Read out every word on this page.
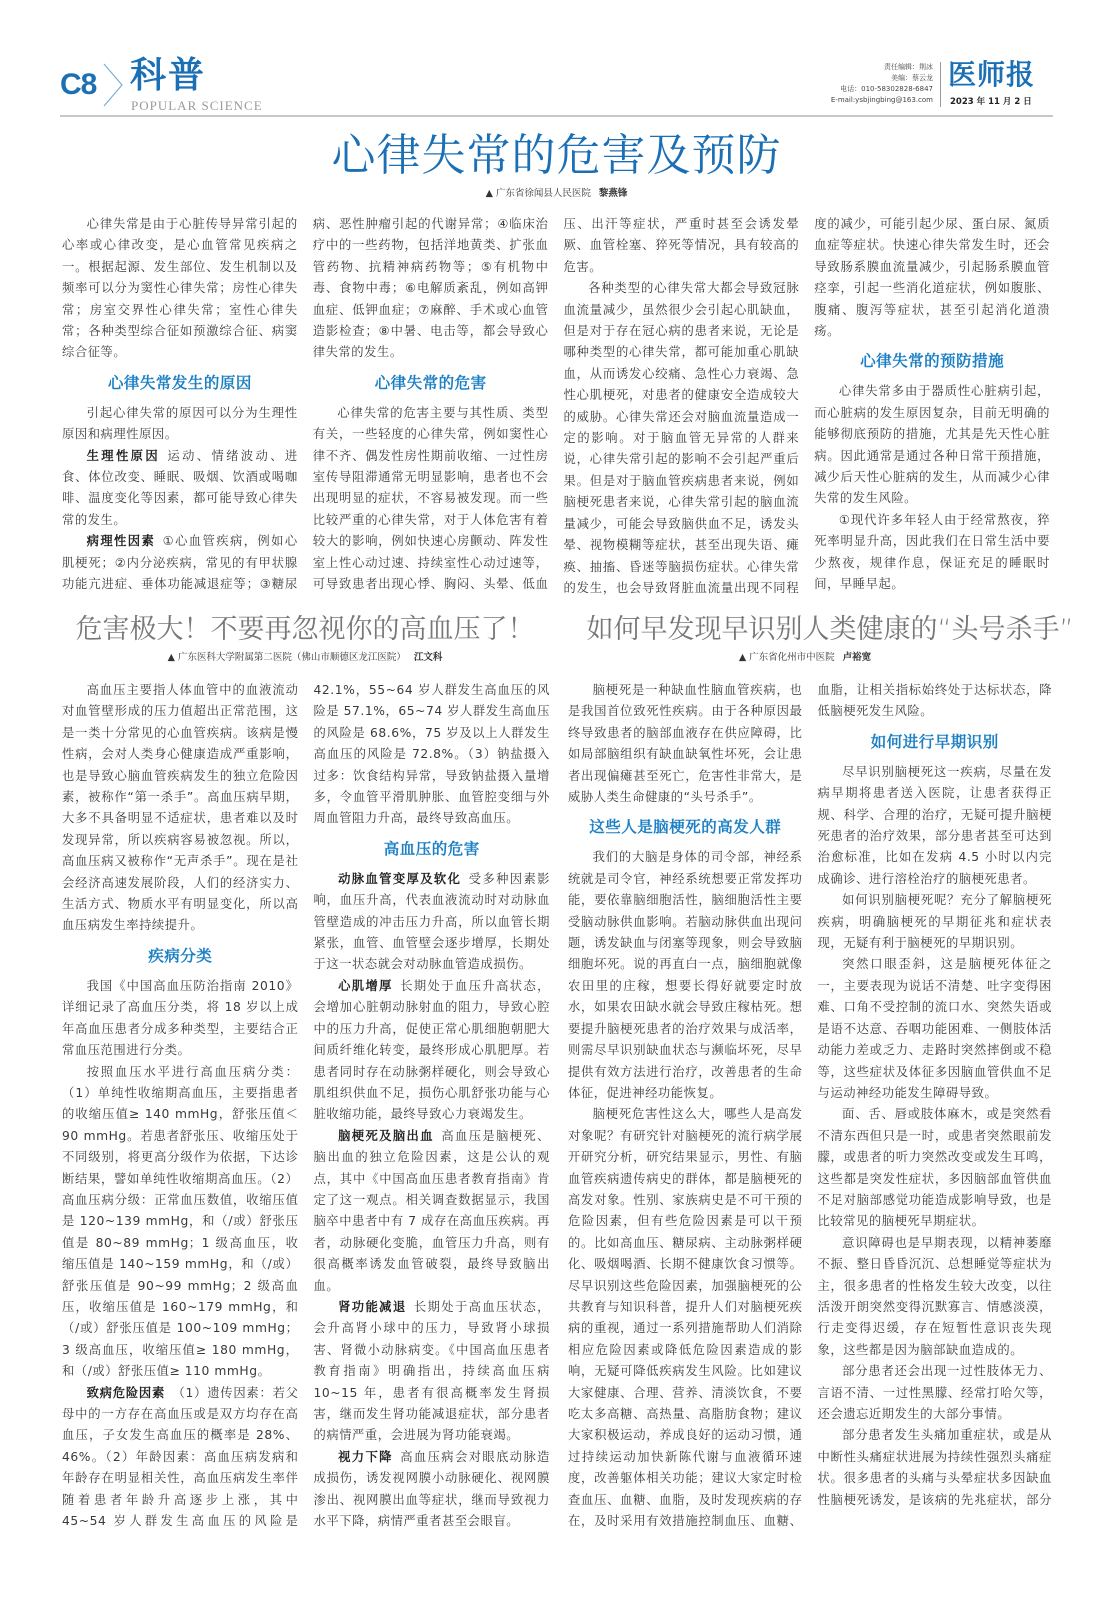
C8 科普
POPULAR SCIENCE
责任编辑：荆冰
美编：蔡云龙
电话：010-58302828-6847
E-mail:ysbjingbing@163.com
医师报
2023 年 11 月 2 日
心律失常的危害及预防
▲ 广东省徐闻县人民医院 黎燕锋

心律失常是由于心脏传导异常引起的心率或心律改变，是心血管常见疾病之一。根据起源、发生部位、发生机制以及频率可以分为窦性心律失常；房性心律失常；房室交界性心律失常；室性心律失常；各种类型综合征如预激综合征、病窦综合征等。

心律失常发生的原因

引起心律失常的原因可以分为生理性原因和病理性原因。

生理性原因 运动、情绪波动、进食、体位改变、睡眠、吸烟、饮酒或喝咖啡、温度变化等因素，都可能导致心律失常的发生。

病理性因素 ①心血管疾病，例如心肌梗死；②内分泌疾病，常见的有甲状腺功能亢进症、垂体功能减退症等；③糖尿病、恶性肿瘤引起的代谢异常；④临床治疗中的一些药物，包括洋地黄类、扩张血管药物、抗精神病药物等；⑤有机物中毒、食物中毒；⑥电解质紊乱，例如高钾血症、低钾血症；⑦麻醉、手术或心血管造影检查；⑧中暑、电击等，都会导致心律失常的发生。

心律失常的危害

心律失常的危害主要与其性质、类型有关，一些轻度的心律失常，例如窦性心律不齐、偶发性房性期前收缩、一过性房室传导阻滞通常无明显影响，患者也不会出现明显的症状，不容易被发现。而一些比较严重的心律失常，对于人体危害有着较大的影响，例如快速心房颤动、阵发性室上性心动过速、持续室性心动过速等，可导致患者出现心悸、胸闷、头晕、低血压、出汗等症状，严重时甚至会诱发晕厥、血管栓塞、猝死等情况，具有较高的危害。

各种类型的心律失常大都会导致冠脉血流量减少，虽然很少会引起心肌缺血，但是对于存在冠心病的患者来说，无论是哪种类型的心律失常，都可能加重心肌缺血，从而诱发心绞痛、急性心力衰竭、急性心肌梗死，对患者的健康安全造成较大的威胁。心律失常还会对脑血流量造成一定的影响。对于脑血管无异常的人群来说，心律失常引起的影响不会引起严重后果。但是对于脑血管疾病患者来说，例如脑梗死患者来说，心律失常引起的脑血流量减少，可能会导致脑供血不足，诱发头晕、视物模糊等症状，甚至出现失语、瘫痪、抽搐、昏迷等脑损伤症状。心律失常的发生，也会导致肾脏血流量出现不同程度的减少，可能引起少尿、蛋白尿、氮质血症等症状。快速心律失常发生时，还会导致肠系膜血流量减少，引起肠系膜血管痉挛，引起一些消化道症状，例如腹胀、腹痛、腹泻等症状，甚至引起消化道溃疡。

心律失常的预防措施

心律失常多由于器质性心脏病引起，而心脏病的发生原因复杂，目前无明确的能够彻底预防的措施，尤其是先天性心脏病。因此通常是通过各种日常干预措施，减少后天性心脏病的发生，从而减少心律失常的发生风险。

①现代许多年轻人由于经常熬夜，猝死率明显升高，因此我们在日常生活中要少熬夜，规律作息，保证充足的睡眠时间，早睡早起。

危害极大！不要再忽视你的高血压了！
▲ 广东医科大学附属第二医院（佛山市顺德区龙江医院） 江文科

高血压主要指人体血管中的血液流动对血管壁形成的压力值超出正常范围，这是一类十分常见的心血管疾病。该病是慢性病，会对人类身心健康造成严重影响，也是导致心脑血管疾病发生的独立危险因素，被称作“第一杀手”。高血压病早期，大多不具备明显不适症状，患者难以及时发现异常，所以疾病容易被忽视。所以，高血压病又被称作“无声杀手”。现在是社会经济高速发展阶段，人们的经济实力、生活方式、物质水平有明显变化，所以高血压病发生率持续提升。

疾病分类

我国《中国高血压防治指南 2010》详细记录了高血压分类，将 18 岁以上成年高血压患者分成多种类型，主要结合正常血压范围进行分类。

按照血压水平进行高血压病分类：（1）单纯性收缩期高血压，主要指患者的收缩压值≥ 140 mmHg，舒张压值＜ 90 mmHg。若患者舒张压、收缩压处于不同级别，将更高分级作为依据，下达诊断结果，譬如单纯性收缩期高血压。（2）高血压病分级：正常血压数值，收缩压值是 120~139 mmHg，和（/或）舒张压值是 80~89 mmHg；1 级高血压，收缩压值是 140~159 mmHg，和（/或）舒张压值是 90~99 mmHg；2 级高血压，收缩压值是 160~179 mmHg，和（/或）舒张压值是 100~109 mmHg；3 级高血压，收缩压值≥ 180 mmHg，和（/或）舒张压值≥ 110 mmHg。

致病危险因素 （1）遗传因素：若父母中的一方存在高血压或是双方均存在高血压，子女发生高血压的概率是 28%、46%。（2）年龄因素：高血压病发病和年龄存在明显相关性，高血压病发生率伴随着患者年龄升高逐步上涨，其中 45~54 岁人群发生高血压的风险是 42.1%，55~64 岁人群发生高血压的风险是 57.1%，65~74 岁人群发生高血压的风险是 68.6%，75 岁及以上人群发生高血压的风险是 72.8%。（3）钠盐摄入过多：饮食结构异常，导致钠盐摄入量增多，令血管平滑肌肿胀、血管腔变细与外周血管阻力升高，最终导致高血压。

高血压的危害

动脉血管变厚及软化 受多种因素影响，血压升高，代表血液流动时对动脉血管壁造成的冲击压力升高，所以血管长期紧张，血管、血管壁会逐步增厚，长期处于这一状态就会对动脉血管造成损伤。

心肌增厚 长期处于血压升高状态，会增加心脏朝动脉射血的阻力，导致心腔中的压力升高，促使正常心肌细胞朝肥大间质纤维化转变，最终形成心肌肥厚。若患者同时存在动脉粥样硬化，则会导致心肌组织供血不足，损伤心肌舒张功能与心脏收缩功能，最终导致心力衰竭发生。

脑梗死及脑出血 高血压是脑梗死、脑出血的独立危险因素，这是公认的观点，其中《中国高血压患者教育指南》肯定了这一观点。相关调查数据显示，我国脑卒中患者中有 7 成存在高血压疾病。再者，动脉硬化变脆，血管压力升高，则有很高概率诱发血管破裂，最终导致脑出血。

肾功能减退 长期处于高血压状态，会升高肾小球中的压力，导致肾小球损害、肾微小动脉病变。《中国高血压患者教育指南》明确指出，持续高血压病 10~15 年，患者有很高概率发生肾损害，继而发生肾功能减退症状，部分患者的病情严重，会进展为肾功能衰竭。

视力下降 高血压病会对眼底动脉造成损伤，诱发视网膜小动脉硬化、视网膜渗出、视网膜出血等症状，继而导致视力水平下降，病情严重者甚至会眼盲。

如何早发现早识别人类健康的“头号杀手”
▲ 广东省化州市中医院 卢裕宽

脑梗死是一种缺血性脑血管疾病，也是我国首位致死性疾病。由于各种原因最终导致患者的脑部血液存在供应障碍，比如局部脑组织有缺血缺氧性坏死，会让患者出现偏瘫甚至死亡，危害性非常大，是威胁人类生命健康的“头号杀手”。

这些人是脑梗死的高发人群

我们的大脑是身体的司令部，神经系统就是司令官，神经系统想要正常发挥功能，要依靠脑细胞活性，脑细胞活性主要受脑动脉供血影响。若脑动脉供血出现问题，诱发缺血与闭塞等现象，则会导致脑细胞坏死。说的再直白一点，脑细胞就像农田里的庄稼，想要长得好就要定时放水，如果农田缺水就会导致庄稼枯死。想要提升脑梗死患者的治疗效果与成活率，则需尽早识别缺血状态与濒临坏死，尽早提供有效方法进行治疗，改善患者的生命体征，促进神经功能恢复。

脑梗死危害性这么大，哪些人是高发对象呢？有研究针对脑梗死的流行病学展开研究分析，研究结果显示，男性、有脑血管疾病遗传病史的群体，都是脑梗死的高发对象。性别、家族病史是不可干预的危险因素，但有些危险因素是可以干预的。比如高血压、糖尿病、主动脉粥样硬化、吸烟喝酒、长期不健康饮食习惯等。尽早识别这些危险因素，加强脑梗死的公共教育与知识科普，提升人们对脑梗死疾病的重视，通过一系列措施帮助人们消除相应危险因素或降低危险因素造成的影响，无疑可降低疾病发生风险。比如建议大家健康、合理、营养、清淡饮食，不要吃太多高糖、高热量、高脂肪食物；建议大家积极运动，养成良好的运动习惯，通过持续运动加快新陈代谢与血液循环速度，改善躯体相关功能；建议大家定时检查血压、血糖、血脂，及时发现疾病的存在，及时采用有效措施控制血压、血糖、血脂，让相关指标始终处于达标状态，降低脑梗死发生风险。

如何进行早期识别

尽早识别脑梗死这一疾病，尽量在发病早期将患者送入医院，让患者获得正规、科学、合理的治疗，无疑可提升脑梗死患者的治疗效果，部分患者甚至可达到治愈标准，比如在发病 4.5 小时以内完成确诊、进行溶栓治疗的脑梗死患者。

如何识别脑梗死呢？充分了解脑梗死疾病，明确脑梗死的早期征兆和症状表现，无疑有利于脑梗死的早期识别。

突然口眼歪斜，这是脑梗死体征之一，主要表现为说话不清楚、吐字变得困难、口角不受控制的流口水、突然失语或是语不达意、吞咽功能困难、一侧肢体活动能力差或乏力、走路时突然摔倒或不稳等，这些症状及体征多因脑血管供血不足与运动神经功能发生障碍导致。

面、舌、唇或肢体麻木，或是突然看不清东西但只是一时，或患者突然眼前发朦，或患者的听力突然改变或发生耳鸣，这些都是突发性症状，多因脑部血管供血不足对脑部感觉功能造成影响导致，也是比较常见的脑梗死早期症状。

意识障碍也是早期表现，以精神萎靡不振、整日昏昏沉沉、总想睡觉等症状为主，很多患者的性格发生较大改变，以往活泼开朗突然变得沉默寡言、情感淡漠，行走变得迟缓，存在短暂性意识丧失现象，这些都是因为脑部缺血造成的。

部分患者还会出现一过性肢体无力、言语不清、一过性黑朦、经常打哈欠等，还会遗忘近期发生的大部分事情。

部分患者发生头痛加重症状，或是从中断性头痛症状进展为持续性强烈头痛症状。很多患者的头痛与头晕症状多因缺血性脑梗死诱发，是该病的先兆症状，部分
